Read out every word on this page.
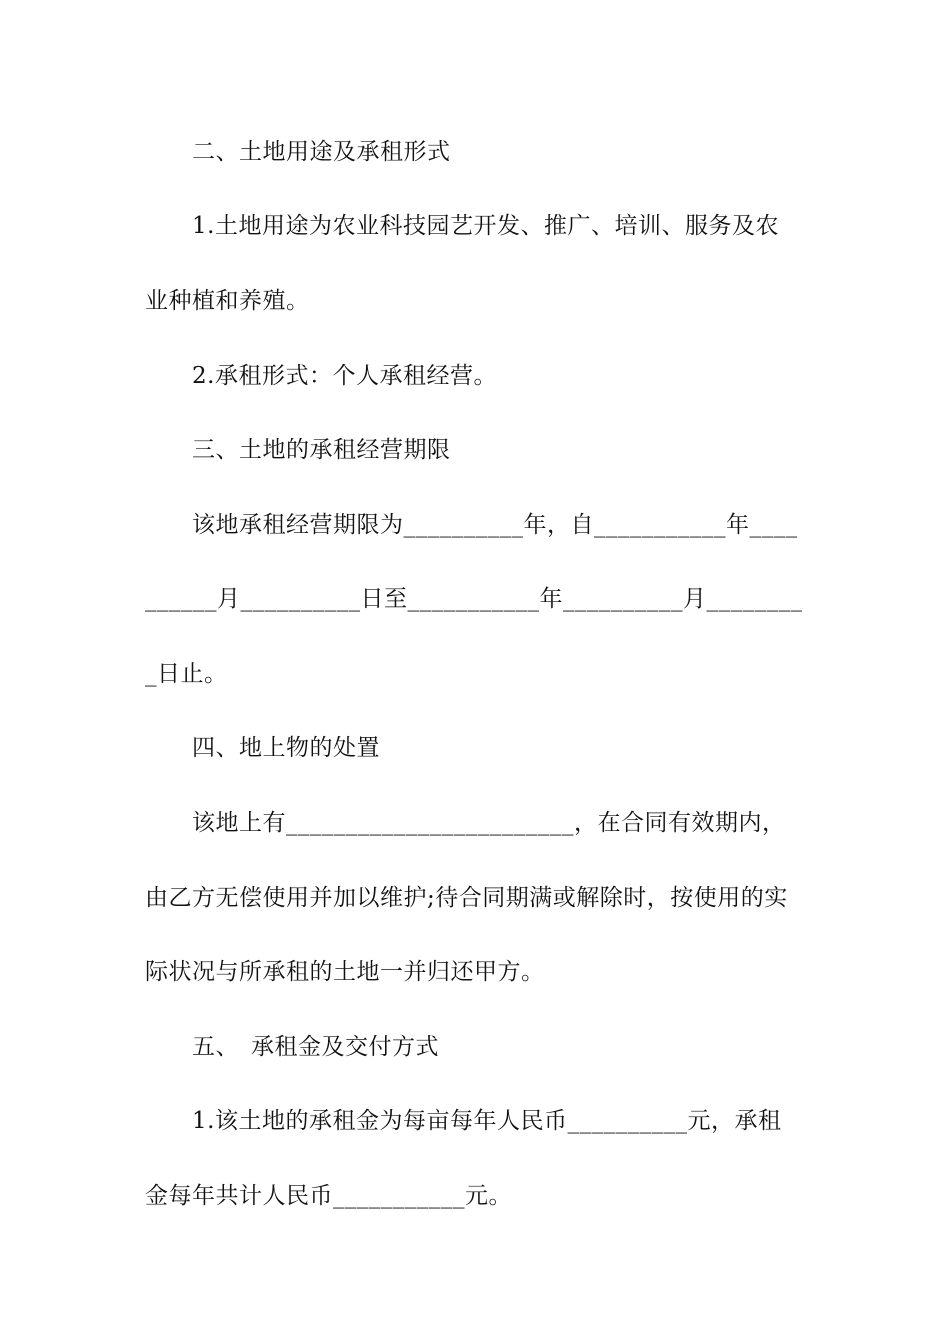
　　二、土地用途及承租形式
　　1.土地用途为农业科技园艺开发、推广、培训、服务及农
业种植和养殖。
　　2.承租形式：个人承租经营。
　　三、土地的承租经营期限
　　该地承租经营期限为__________年，自___________年____
______月__________日至___________年__________月________
_日止。
　　四、地上物的处置
　　该地上有________________________，在合同有效期内，
由乙方无偿使用并加以维护;待合同期满或解除时，按使用的实
际状况与所承租的土地一并归还甲方。
　　五、　承租金及交付方式
　　1.该土地的承租金为每亩每年人民币__________元，承租
金每年共计人民币___________元。
